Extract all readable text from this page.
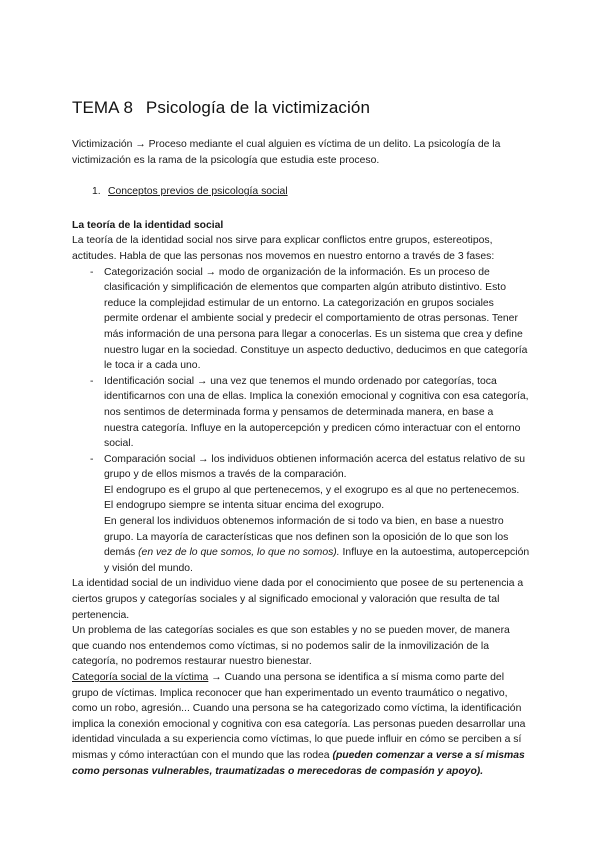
TEMA 8 Psicología de la victimización

Victimización → Proceso mediante el cual alguien es víctima de un delito. La psicología de la victimización es la rama de la psicología que estudia este proceso.

1. Conceptos previos de psicología social

La teoría de la identidad social

La teoría de la identidad social nos sirve para explicar conflictos entre grupos, estereotipos, actitudes. Habla de que las personas nos movemos en nuestro entorno a través de 3 fases:

- Categorización social → modo de organización de la información. Es un proceso de clasificación y simplificación de elementos que comparten algún atributo distintivo. Esto reduce la complejidad estimular de un entorno. La categorización en grupos sociales permite ordenar el ambiente social y predecir el comportamiento de otras personas. Tener más información de una persona para llegar a conocerlas. Es un sistema que crea y define nuestro lugar en la sociedad. Constituye un aspecto deductivo, deducimos en que categoría le toca ir a cada uno.
- Identificación social → una vez que tenemos el mundo ordenado por categorías, toca identificarnos con una de ellas. Implica la conexión emocional y cognitiva con esa categoría, nos sentimos de determinada forma y pensamos de determinada manera, en base a nuestra categoría. Influye en la autopercepción y predicen cómo interactuar con el entorno social.
- Comparación social → los individuos obtienen información acerca del estatus relativo de su grupo y de ellos mismos a través de la comparación.

El endogrupo es el grupo al que pertenecemos, y el exogrupo es al que no pertenecemos. El endogrupo siempre se intenta situar encima del exogrupo.

En general los individuos obtenemos información de si todo va bien, en base a nuestro grupo. La mayoría de características que nos definen son la oposición de lo que son los demás (en vez de lo que somos, lo que no somos). Influye en la autoestima, autopercepción y visión del mundo.

La identidad social de un individuo viene dada por el conocimiento que posee de su pertenencia a ciertos grupos y categorías sociales y al significado emocional y valoración que resulta de tal pertenencia.

Un problema de las categorías sociales es que son estables y no se pueden mover, de manera que cuando nos entendemos como víctimas, si no podemos salir de la inmovilización de la categoría, no podremos restaurar nuestro bienestar.

Categoría social de la víctima → Cuando una persona se identifica a sí misma como parte del grupo de víctimas. Implica reconocer que han experimentado un evento traumático o negativo, como un robo, agresión... Cuando una persona se ha categorizado como víctima, la identificación implica la conexión emocional y cognitiva con esa categoría. Las personas pueden desarrollar una identidad vinculada a su experiencia como víctimas, lo que puede influir en cómo se perciben a sí mismas y cómo interactúan con el mundo que las rodea (pueden comenzar a verse a sí mismas como personas vulnerables, traumatizadas o merecedoras de compasión y apoyo).
